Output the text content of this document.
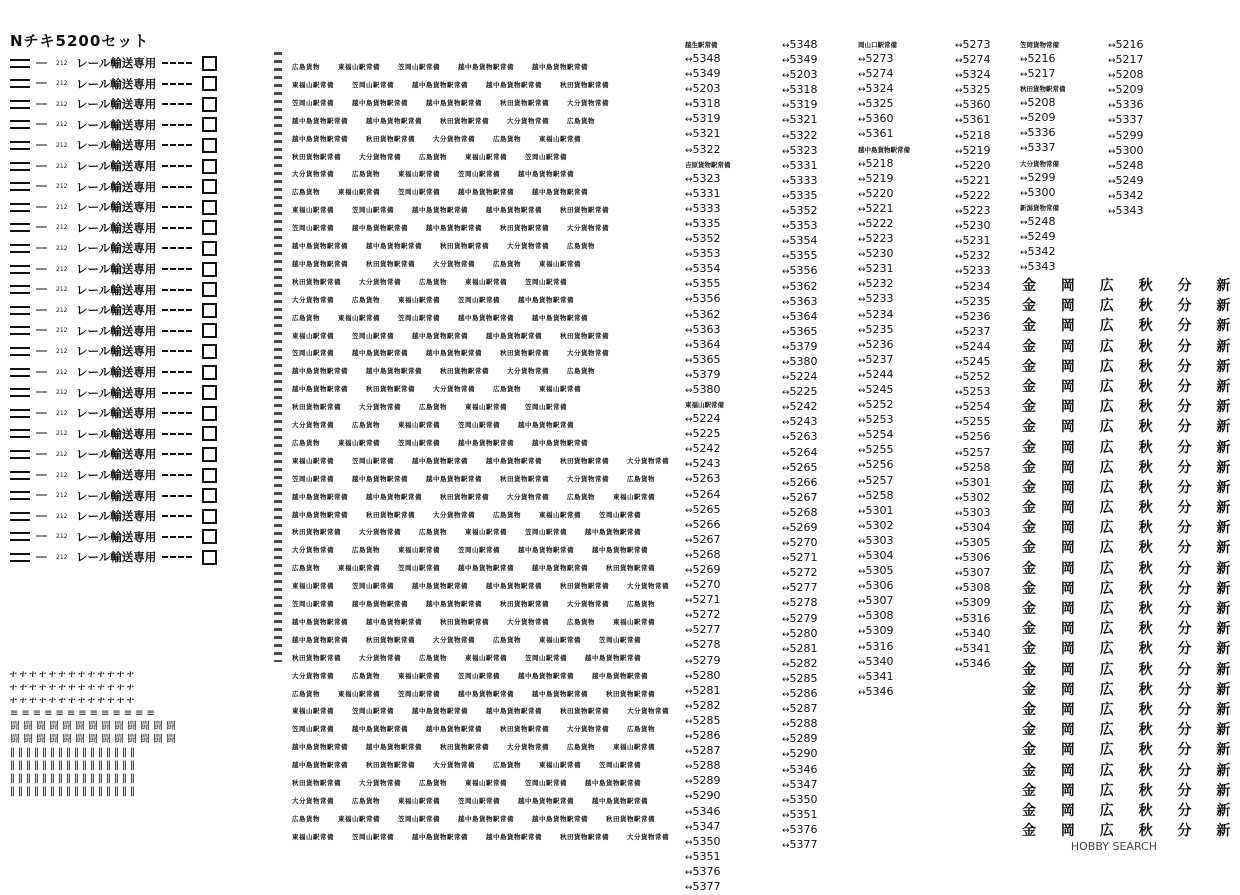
Nチキ5200セット
═══ 212 レール輸送専用
═══ 212 レール輸送専用
═══ 212 レール輸送専用
═══ 212 レール輸送専用
═══ 212 レール輸送専用
═══ 212 レール輸送専用
═══ 212 レール輸送専用
═══ 212 レール輸送専用
═══ 212 レール輸送専用
═══ 212 レール輸送専用
═══ 212 レール輸送専用
═══ 212 レール輸送専用
═══ 212 レール輸送専用
═══ 212 レール輸送専用
═══ 212 レール輸送専用
═══ 212 レール輸送専用
═══ 212 レール輸送専用
═══ 212 レール輸送専用
═══ 212 レール輸送専用
═══ 212 レール輸送専用
═══ 212 レール輸送専用
═══ 212 レール輸送専用
═══ 212 レール輸送専用
═══ 212 レール輸送専用
═══ 212 レール輸送専用
広島貨物	東福山駅常備	笠岡山駅常備	越中島貨物駅常備	越中島貨物駅常備
東福山駅常備	笠岡山駅常備	越中島貨物駅常備	越中島貨物駅常備	秋田貨物駅常備
笠岡山駅常備	越中島貨物駅常備	越中島貨物駅常備	秋田貨物駅常備	大分貨物常備
越中島貨物駅常備	越中島貨物駅常備	秋田貨物駅常備	大分貨物常備	広島貨物
越中島貨物駅常備	秋田貨物駅常備	大分貨物常備	広島貨物	東福山駅常備
秋田貨物駅常備	大分貨物常備	広島貨物	東福山駅常備	笠岡山駅常備
大分貨物常備	広島貨物	東福山駅常備	笠岡山駅常備	越中島貨物駅常備
広島貨物	東福山駅常備	笠岡山駅常備	越中島貨物駅常備	越中島貨物駅常備
東福山駅常備	笠岡山駅常備	越中島貨物駅常備	越中島貨物駅常備	秋田貨物駅常備
笠岡山駅常備	越中島貨物駅常備	越中島貨物駅常備	秋田貨物駅常備	大分貨物常備
越中島貨物駅常備	越中島貨物駅常備	秋田貨物駅常備	大分貨物常備	広島貨物
越中島貨物駅常備	秋田貨物駅常備	大分貨物常備	広島貨物	東福山駅常備
秋田貨物駅常備	大分貨物常備	広島貨物	東福山駅常備	笠岡山駅常備
大分貨物常備	広島貨物	東福山駅常備	笠岡山駅常備	越中島貨物駅常備
広島貨物	東福山駅常備	笠岡山駅常備	越中島貨物駅常備	越中島貨物駅常備
東福山駅常備	笠岡山駅常備	越中島貨物駅常備	越中島貨物駅常備	秋田貨物駅常備
笠岡山駅常備	越中島貨物駅常備	越中島貨物駅常備	秋田貨物駅常備	大分貨物常備
越中島貨物駅常備	越中島貨物駅常備	秋田貨物駅常備	大分貨物常備	広島貨物
越中島貨物駅常備	秋田貨物駅常備	大分貨物常備	広島貨物	東福山駅常備
秋田貨物駅常備	大分貨物常備	広島貨物	東福山駅常備	笠岡山駅常備
大分貨物常備	広島貨物	東福山駅常備	笠岡山駅常備	越中島貨物駅常備
広島貨物	東福山駅常備	笠岡山駅常備	越中島貨物駅常備	越中島貨物駅常備
東福山駅常備	笠岡山駅常備	越中島貨物駅常備	越中島貨物駅常備	秋田貨物駅常備	大分貨物常備
笠岡山駅常備	越中島貨物駅常備	越中島貨物駅常備	秋田貨物駅常備	大分貨物常備	広島貨物
越中島貨物駅常備	越中島貨物駅常備	秋田貨物駅常備	大分貨物常備	広島貨物	東福山駅常備
越中島貨物駅常備	秋田貨物駅常備	大分貨物常備	広島貨物	東福山駅常備	笠岡山駅常備
秋田貨物駅常備	大分貨物常備	広島貨物	東福山駅常備	笠岡山駅常備	越中島貨物駅常備
大分貨物常備	広島貨物	東福山駅常備	笠岡山駅常備	越中島貨物駅常備	越中島貨物駅常備
広島貨物	東福山駅常備	笠岡山駅常備	越中島貨物駅常備	越中島貨物駅常備	秋田貨物駅常備
東福山駅常備	笠岡山駅常備	越中島貨物駅常備	越中島貨物駅常備	秋田貨物駅常備	大分貨物常備
笠岡山駅常備	越中島貨物駅常備	越中島貨物駅常備	秋田貨物駅常備	大分貨物常備	広島貨物
越中島貨物駅常備	越中島貨物駅常備	秋田貨物駅常備	大分貨物常備	広島貨物	東福山駅常備
越中島貨物駅常備	秋田貨物駅常備	大分貨物常備	広島貨物	東福山駅常備	笠岡山駅常備
秋田貨物駅常備	大分貨物常備	広島貨物	東福山駅常備	笠岡山駅常備	越中島貨物駅常備
大分貨物常備	広島貨物	東福山駅常備	笠岡山駅常備	越中島貨物駅常備	越中島貨物駅常備
広島貨物	東福山駅常備	笠岡山駅常備	越中島貨物駅常備	越中島貨物駅常備	秋田貨物駅常備
東福山駅常備	笠岡山駅常備	越中島貨物駅常備	越中島貨物駅常備	秋田貨物駅常備	大分貨物常備
笠岡山駅常備	越中島貨物駅常備	越中島貨物駅常備	秋田貨物駅常備	大分貨物常備	広島貨物
越中島貨物駅常備	越中島貨物駅常備	秋田貨物駅常備	大分貨物常備	広島貨物	東福山駅常備
越中島貨物駅常備	秋田貨物駅常備	大分貨物常備	広島貨物	東福山駅常備	笠岡山駅常備
秋田貨物駅常備	大分貨物常備	広島貨物	東福山駅常備	笠岡山駅常備	越中島貨物駅常備
大分貨物常備	広島貨物	東福山駅常備	笠岡山駅常備	越中島貨物駅常備	越中島貨物駅常備
広島貨物	東福山駅常備	笠岡山駅常備	越中島貨物駅常備	越中島貨物駅常備	秋田貨物駅常備
東福山駅常備	笠岡山駅常備	越中島貨物駅常備	越中島貨物駅常備	秋田貨物駅常備	大分貨物常備
ተተተተተተተተተተተተተ
ተተተተተተተተተተተተተ
ተተተተተተተተተተተተተ
≡≡≡≡≡≡≡≡≡≡≡≡≡
闘闘闘闘闘闘闘闘闘闘闘闘闘
闘闘闘闘闘闘闘闘闘闘闘闘闘
‖‖‖‖‖‖‖‖‖‖‖‖‖‖‖‖
‖‖‖‖‖‖‖‖‖‖‖‖‖‖‖‖
‖‖‖‖‖‖‖‖‖‖‖‖‖‖‖‖
‖‖‖‖‖‖‖‖‖‖‖‖‖‖‖‖
越生駅常備
↔5348
↔5349
↔5203
↔5318
↔5319
↔5321
↔5322
吉原貨物駅常備
↔5323
↔5331
↔5333
↔5335
↔5352
↔5353
↔5354
↔5355
↔5356
↔5362
↔5363
↔5364
↔5365
↔5379
↔5380
東福山駅常備
↔5224
↔5225
↔5242
↔5243
↔5263
↔5264
↔5265
↔5266
↔5267
↔5268
↔5269
↔5270
↔5271
↔5272
↔5277
↔5278
↔5279
↔5280
↔5281
↔5282
↔5285
↔5286
↔5287
↔5288
↔5289
↔5290
↔5346
↔5347
↔5350
↔5351
↔5376
↔5377
↔5348
↔5349
↔5203
↔5318
↔5319
↔5321
↔5322
↔5323
↔5331
↔5333
↔5335
↔5352
↔5353
↔5354
↔5355
↔5356
↔5362
↔5363
↔5364
↔5365
↔5379
↔5380
↔5224
↔5225
↔5242
↔5243
↔5263
↔5264
↔5265
↔5266
↔5267
↔5268
↔5269
↔5270
↔5271
↔5272
↔5277
↔5278
↔5279
↔5280
↔5281
↔5282
↔5285
↔5286
↔5287
↔5288
↔5289
↔5290
↔5346
↔5347
↔5350
↔5351
↔5376
↔5377
岡山口駅常備
↔5273
↔5274
↔5324
↔5325
↔5360
↔5361
越中島貨物駅常備
↔5218
↔5219
↔5220
↔5221
↔5222
↔5223
↔5230
↔5231
↔5232
↔5233
↔5234
↔5235
↔5236
↔5237
↔5244
↔5245
↔5252
↔5253
↔5254
↔5255
↔5256
↔5257
↔5258
↔5301
↔5302
↔5303
↔5304
↔5305
↔5306
↔5307
↔5308
↔5309
↔5316
↔5340
↔5341
↔5346
↔5273
↔5274
↔5324
↔5325
↔5360
↔5361
↔5218
↔5219
↔5220
↔5221
↔5222
↔5223
↔5230
↔5231
↔5232
↔5233
↔5234
↔5235
↔5236
↔5237
↔5244
↔5245
↔5252
↔5253
↔5254
↔5255
↔5256
↔5257
↔5258
↔5301
↔5302
↔5303
↔5304
↔5305
↔5306
↔5307
↔5308
↔5309
↔5316
↔5340
↔5341
↔5346
笠岡貨物常備
↔5216
↔5217
秋田貨物駅常備
↔5208
↔5209
↔5336
↔5337
大分貨物常備
↔5299
↔5300
新潟貨物常備
↔5248
↔5249
↔5342
↔5343
↔5216
↔5217
↔5208
↔5209
↔5336
↔5337
↔5299
↔5300
↔5248
↔5249
↔5342
↔5343
金 岡 広 秋 分 新
金 岡 広 秋 分 新
金 岡 広 秋 分 新
金 岡 広 秋 分 新
金 岡 広 秋 分 新
金 岡 広 秋 分 新
金 岡 広 秋 分 新
金 岡 広 秋 分 新
金 岡 広 秋 分 新
金 岡 広 秋 分 新
金 岡 広 秋 分 新
金 岡 広 秋 分 新
金 岡 広 秋 分 新
金 岡 広 秋 分 新
金 岡 広 秋 分 新
金 岡 広 秋 分 新
金 岡 広 秋 分 新
金 岡 広 秋 分 新
金 岡 広 秋 分 新
金 岡 広 秋 分 新
金 岡 広 秋 分 新
金 岡 広 秋 分 新
金 岡 広 秋 分 新
金 岡 広 秋 分 新
金 岡 広 秋 分 新
金 岡 広 秋 分 新
金 岡 広 秋 分 新
金 岡 広 秋 分 新
HOBBY SEARCH
